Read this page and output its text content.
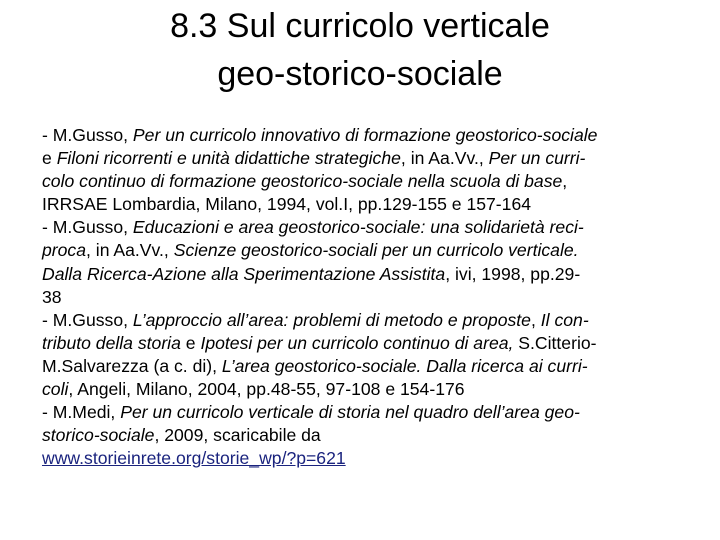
8.3 Sul curricolo verticale
geo-storico-sociale
- M.Gusso, Per un curricolo innovativo di formazione geostorico-sociale
e Filoni ricorrenti e unità didattiche strategiche, in Aa.Vv., Per un curri-
colo continuo di formazione geostorico-sociale nella scuola di base,
IRRSAE Lombardia, Milano, 1994, vol.I, pp.129-155 e 157-164
- M.Gusso, Educazioni e area geostorico-sociale: una solidarietà reci-
proca, in Aa.Vv., Scienze geostorico-sociali per un curricolo verticale.
Dalla Ricerca-Azione alla Sperimentazione Assistita, ivi, 1998, pp.29-
38
- M.Gusso, L’approccio all’area: problemi di metodo e proposte, Il con-
tributo della storia e Ipotesi per un curricolo continuo di area, S.Citterio-
M.Salvarezza (a c. di), L’area geostorico-sociale. Dalla ricerca ai curri-
coli, Angeli, Milano, 2004, pp.48-55, 97-108 e 154-176
- M.Medi, Per un curricolo verticale di storia nel quadro dell’area geo-
storico-sociale, 2009, scaricabile da
www.storieinrete.org/storie_wp/?p=621
